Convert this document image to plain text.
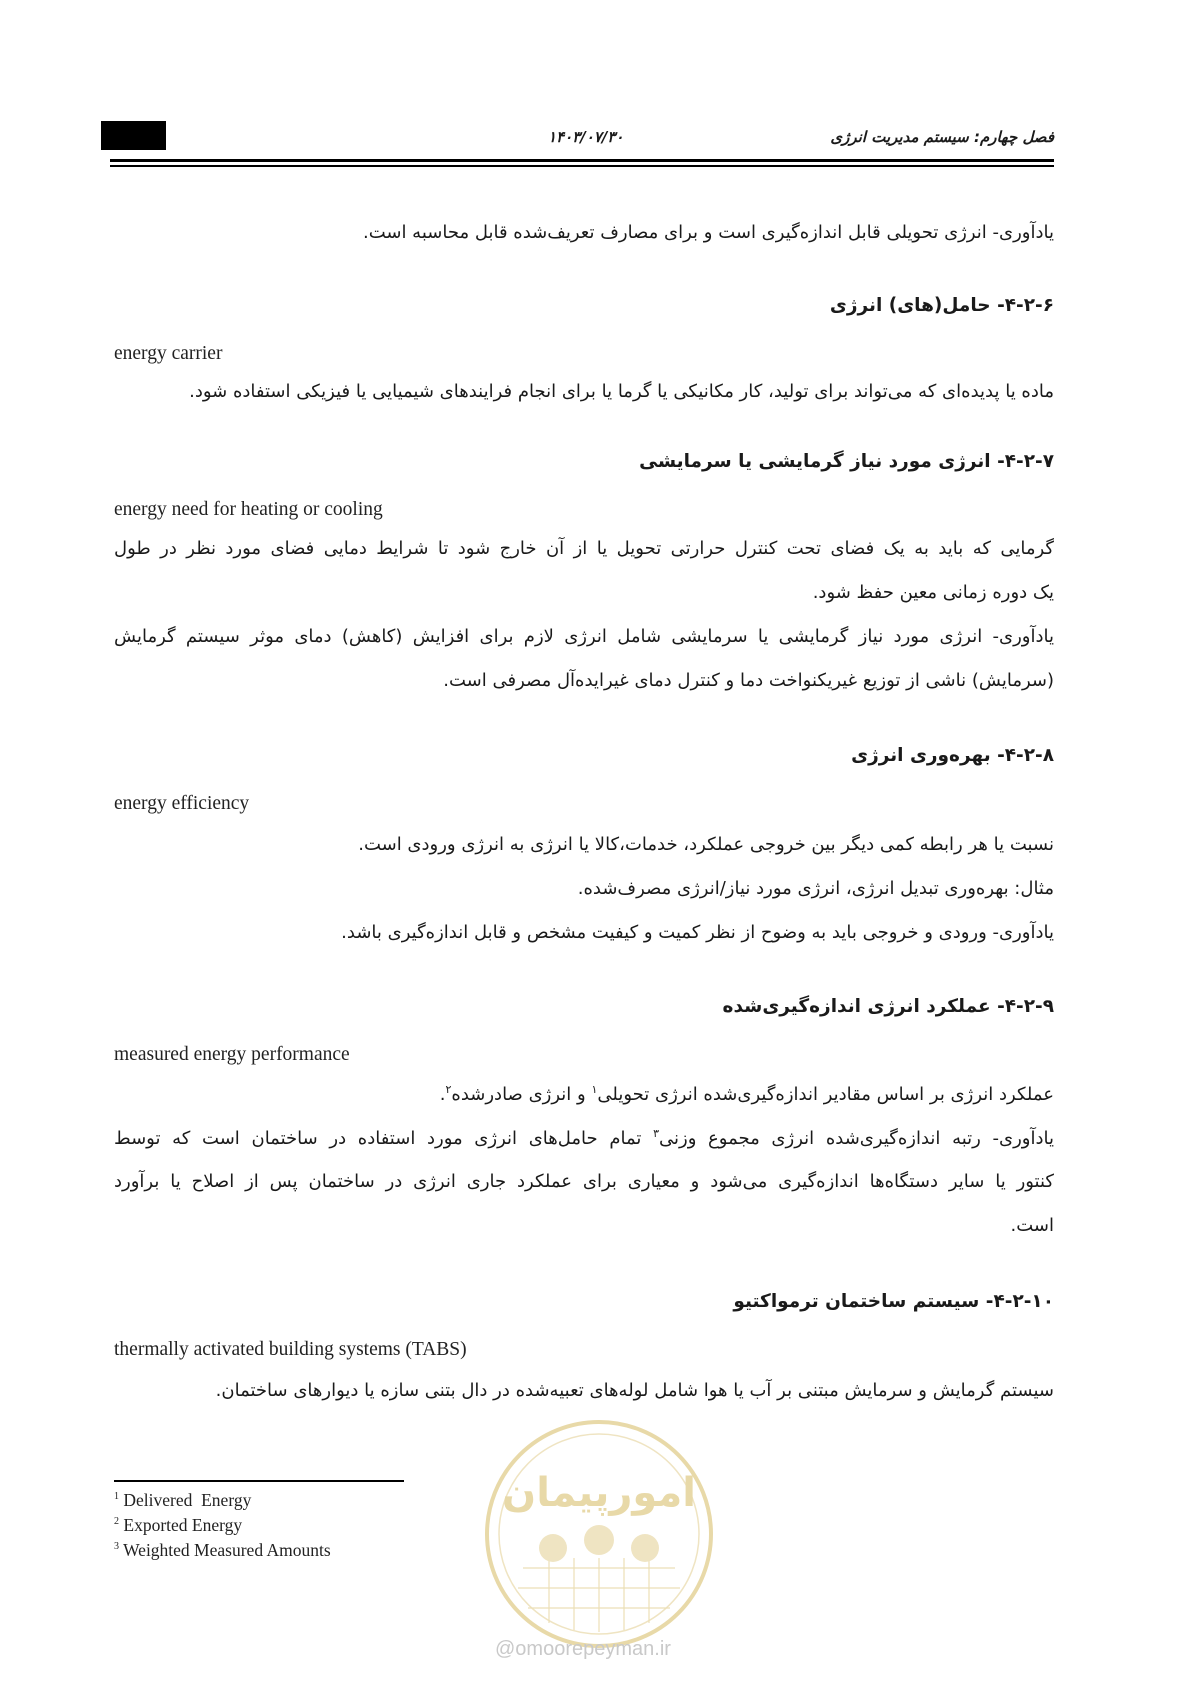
۱۴۰۳/۰۷/۳۰	فصل چهارم: سیستم مدیریت انرژی
یادآوری- انرژی تحویلی قابل اندازه‌گیری است و برای مصارف تعریف‌شده قابل محاسبه است.
۴-۲-۶- حامل(های) انرژی
energy carrier
ماده یا پدیده‌ای که می‌تواند برای تولید، کار مکانیکی یا گرما یا برای انجام فرایندهای شیمیایی یا فیزیکی استفاده شود.
۴-۲-۷- انرژی مورد نیاز گرمایشی یا سرمایشی
energy need for heating or cooling
گرمایی که باید به یک فضای تحت کنترل حرارتی تحویل یا از آن خارج شود تا شرایط دمایی فضای مورد نظر در طول
یک دوره زمانی معین حفظ شود.
یادآوری- انرژی مورد نیاز گرمایشی یا سرمایشی شامل انرژی لازم برای افزایش (کاهش) دمای موثر سیستم گرمایش
(سرمایش) ناشی از توزیع غیریکنواخت دما و کنترل دمای غیرایده‌آل مصرفی است.
۴-۲-۸- بهره‌وری انرژی
energy efficiency
نسبت یا هر رابطه کمی دیگر بین خروجی عملکرد، خدمات،کالا یا انرژی به انرژی ورودی است.
مثال: بهره‌وری تبدیل انرژی، انرژی مورد نیاز/انرژی مصرف‌شده.
یادآوری- ورودی و خروجی باید به وضوح از نظر کمیت و کیفیت مشخص و قابل اندازه‌گیری باشد.
۴-۲-۹- عملکرد انرژی اندازه‌گیری‌شده
measured energy performance
عملکرد انرژی بر اساس مقادیر اندازه‌گیری‌شده انرژی تحویلی$^۱$ و انرژی صادرشده$^۲$.
یادآوری- رتبه اندازه‌گیری‌شده انرژی مجموع وزنی$^۳$ تمام حامل‌های انرژی مورد استفاده در ساختمان است که توسط
کنتور یا سایر دستگاه‌ها اندازه‌گیری می‌شود و معیاری برای عملکرد جاری انرژی در ساختمان پس از اصلاح یا برآورد
است.
۴-۲-۱۰- سیستم ساختمان ترمواکتیو
thermally activated building systems (TABS)
سیستم گرمایش و سرمایش مبتنی بر آب یا هوا شامل لوله‌های تعبیه‌شده در دال بتنی سازه یا دیوارهای ساختمان.
امورپیمان
@omoorepeyman.ir
$^1$ Delivered  Energy
$^2$ Exported Energy
$^3$ Weighted Measured Amounts
